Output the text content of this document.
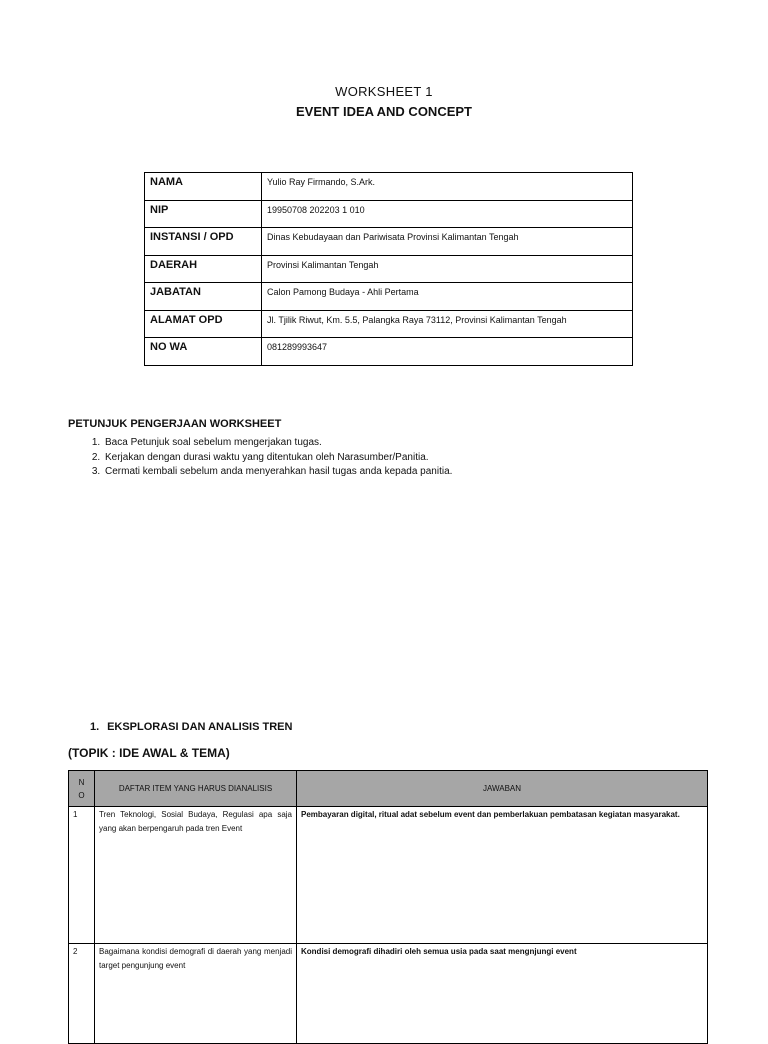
WORKSHEET 1
EVENT IDEA AND CONCEPT
NAMA	Yulio Ray Firmando, S.Ark.
NIP	19950708 202203 1 010
INSTANSI / OPD	Dinas Kebudayaan dan Pariwisata Provinsi Kalimantan Tengah
DAERAH	Provinsi Kalimantan Tengah
JABATAN	Calon Pamong Budaya - Ahli Pertama
ALAMAT OPD	Jl. Tjilik Riwut, Km. 5.5, Palangka Raya 73112, Provinsi Kalimantan Tengah
NO WA	081289993647
PETUNJUK PENGERJAAN WORKSHEET
1. Baca Petunjuk soal sebelum mengerjakan tugas.
2. Kerjakan dengan durasi waktu yang ditentukan oleh Narasumber/Panitia.
3. Cermati kembali sebelum anda menyerahkan hasil tugas anda kepada panitia.
1. EKSPLORASI DAN ANALISIS TREN
(TOPIK : IDE AWAL & TEMA)
N
O	DAFTAR ITEM YANG HARUS DIANALISIS	JAWABAN
1	Tren Teknologi, Sosial Budaya, Regulasi apa saja yang akan berpengaruh pada tren Event	Pembayaran digital, ritual adat sebelum event dan pemberlakuan pembatasan kegiatan masyarakat.
2	Bagaimana kondisi demografi di daerah yang menjadi target pengunjung event	Kondisi demografi dihadiri oleh semua usia pada saat mengnjungi event
